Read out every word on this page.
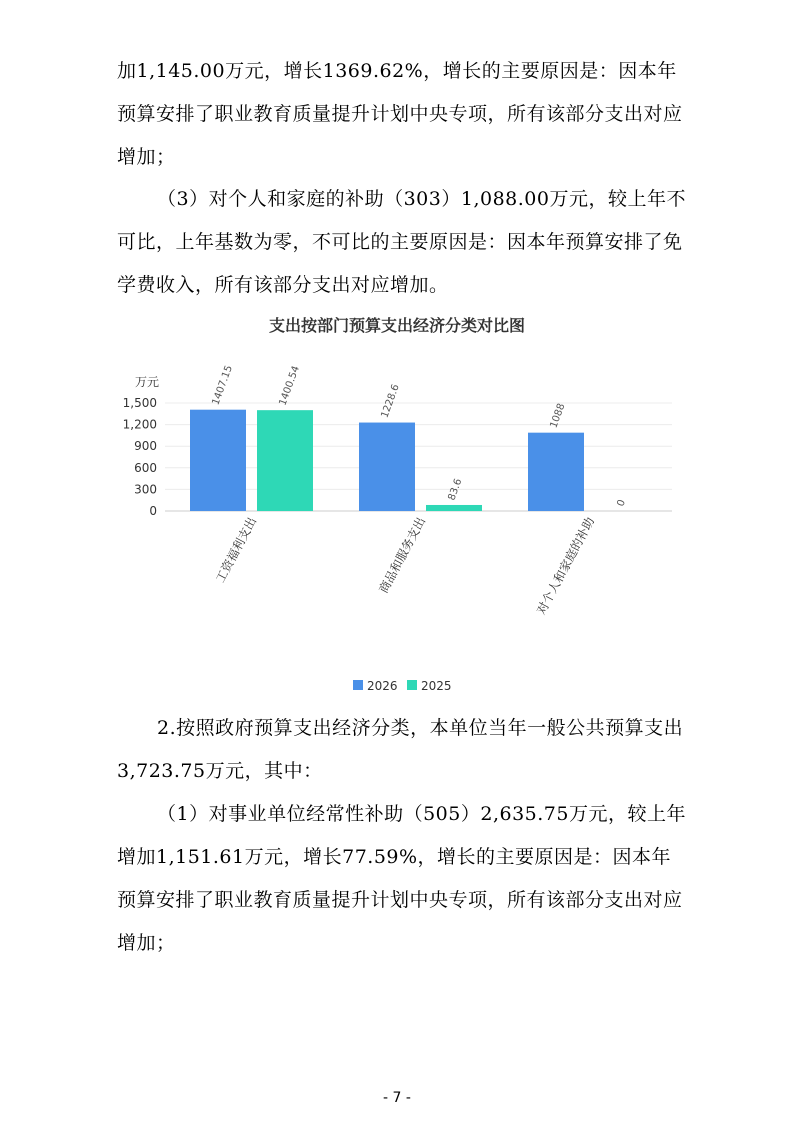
加1,145.00万元，增长1369.62%，增长的主要原因是：因本年预算安排了职业教育质量提升计划中央专项，所有该部分支出对应增加；

（3）对个人和家庭的补助（303）1,088.00万元，较上年不可比，上年基数为零，不可比的主要原因是：因本年预算安排了免学费收入，所有该部分支出对应增加。

支出按部门预算支出经济分类对比图
万元
0
300
600
900
1,200
1,500	1407.15	1400.54
工资福利支出
1228.6
83.6
商品和服务支出
1088
0
对个人和家庭的补助
2026 2025

2.按照政府预算支出经济分类，本单位当年一般公共预算支出3,723.75万元，其中：

（1）对事业单位经常性补助（505）2,635.75万元，较上年增加1,151.61万元，增长77.59%，增长的主要原因是：因本年预算安排了职业教育质量提升计划中央专项，所有该部分支出对应增加；

- 7 -
